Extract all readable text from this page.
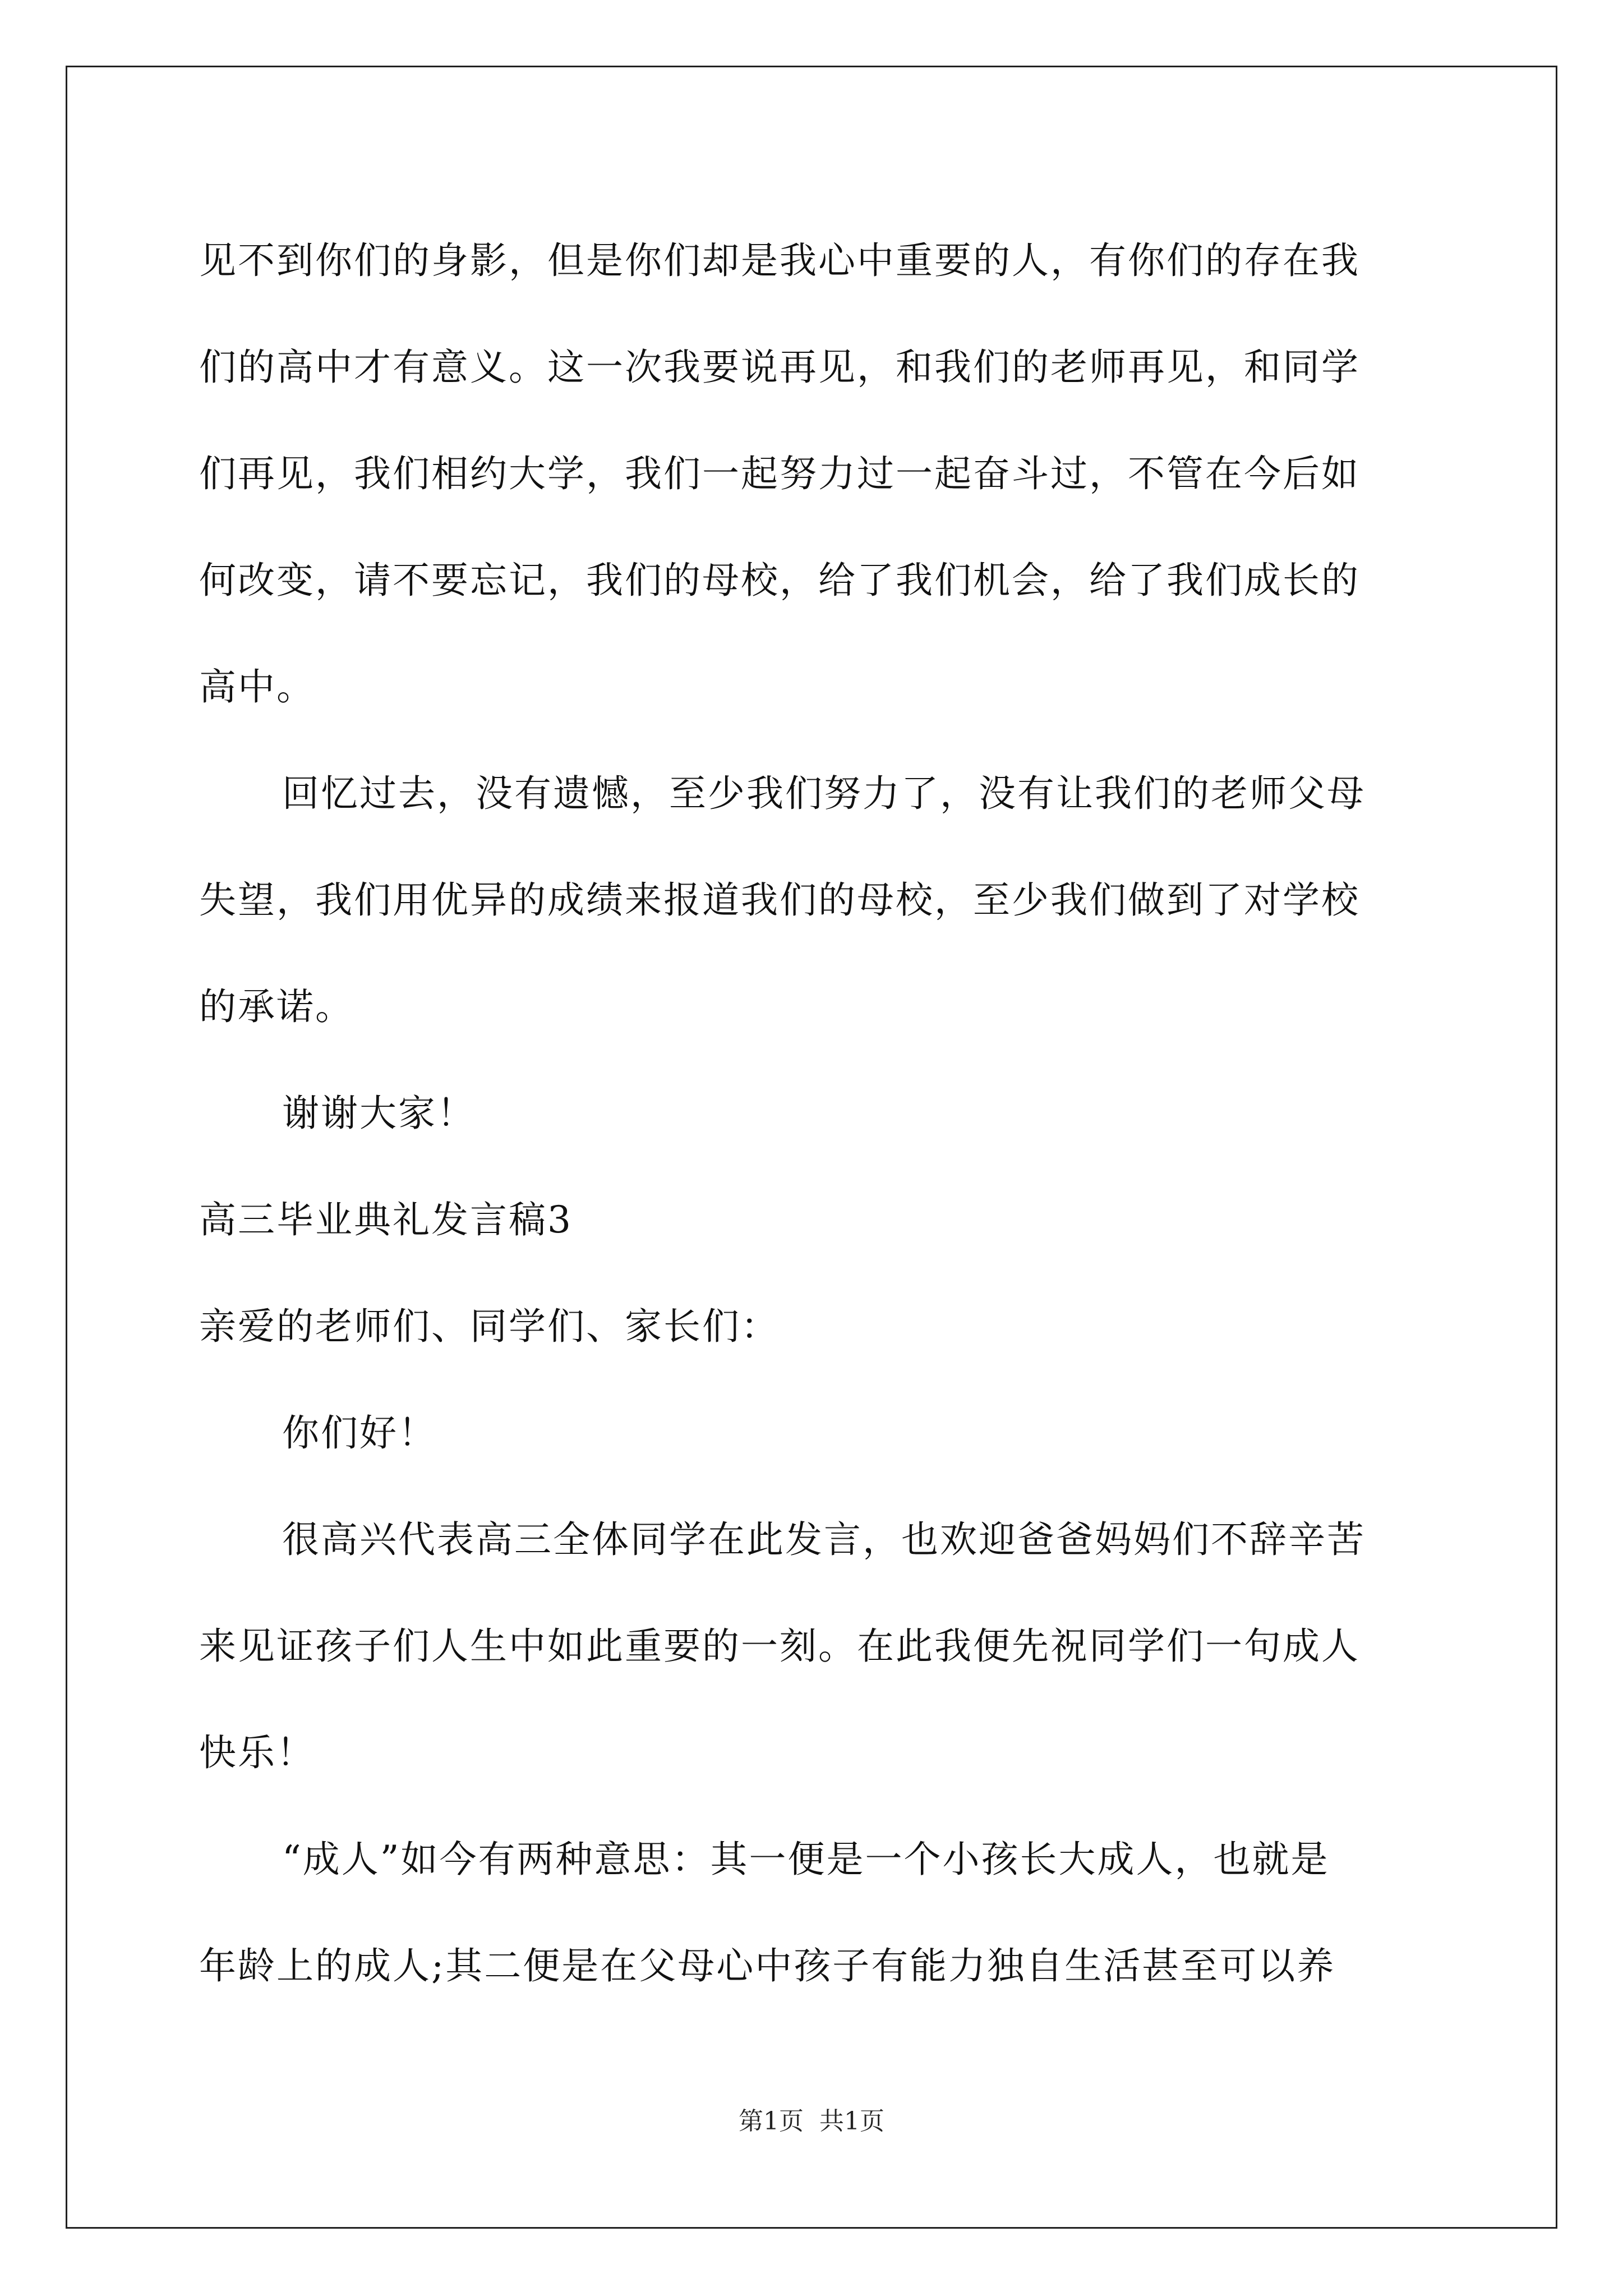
见不到你们的身影，但是你们却是我心中重要的人，有你们的存在我
们的高中才有意义。这一次我要说再见，和我们的老师再见，和同学
们再见，我们相约大学，我们一起努力过一起奋斗过，不管在今后如
何改变，请不要忘记，我们的母校，给了我们机会，给了我们成长的
高中。
回忆过去，没有遗憾，至少我们努力了，没有让我们的老师父母
失望，我们用优异的成绩来报道我们的母校，至少我们做到了对学校
的承诺。
谢谢大家！
高三毕业典礼发言稿3
亲爱的老师们、同学们、家长们：
你们好！
很高兴代表高三全体同学在此发言，也欢迎爸爸妈妈们不辞辛苦
来见证孩子们人生中如此重要的一刻。在此我便先祝同学们一句成人
快乐！
“成人”如今有两种意思：其一便是一个小孩长大成人，也就是
年龄上的成人;其二便是在父母心中孩子有能力独自生活甚至可以养
第1页  共1页
